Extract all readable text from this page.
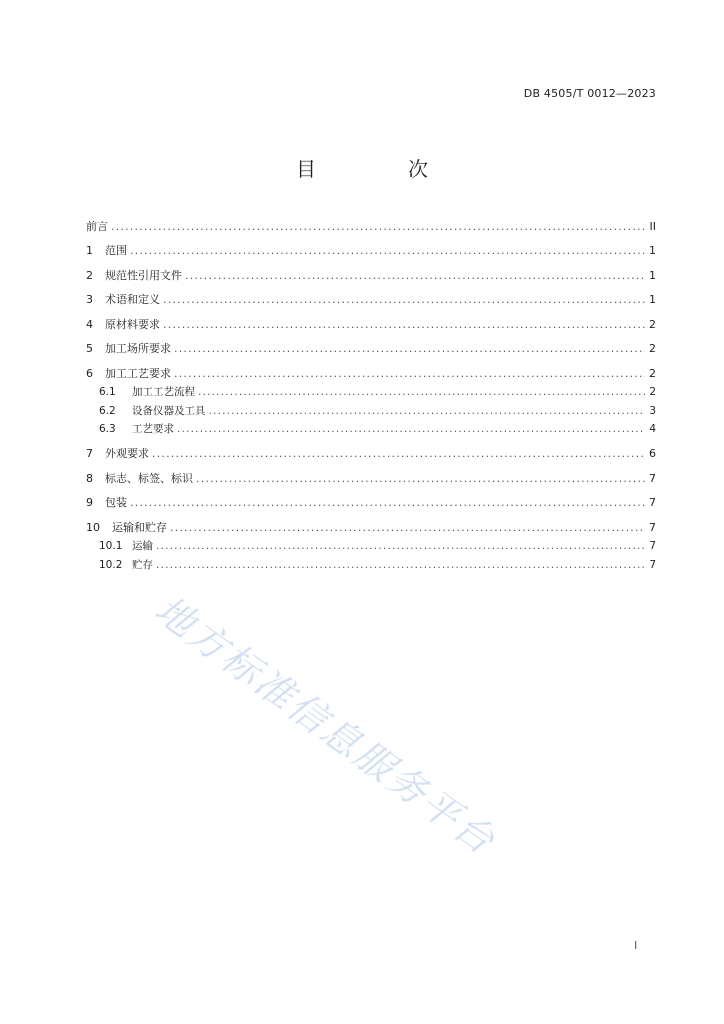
DB 4505/T 0012—2023
目　次
前言 .....	II
1	范围 .....	1
2	规范性引用文件 .....	1
3	术语和定义 .....	1
4	原材料要求 .....	2
5	加工场所要求 .....	2
6	加工工艺要求 .....	2
6.1	加工工艺流程 .....	2
6.2	设备仪器及工具 .....	3
6.3	工艺要求 .....	4
7	外观要求 .....	6
8	标志、标签、标识 .....	7
9	包装 .....	7
10	运输和贮存 .....	7
10.1 运输 .....	7
10.2 贮存 .....	7
地方标准信息服务平台
I
